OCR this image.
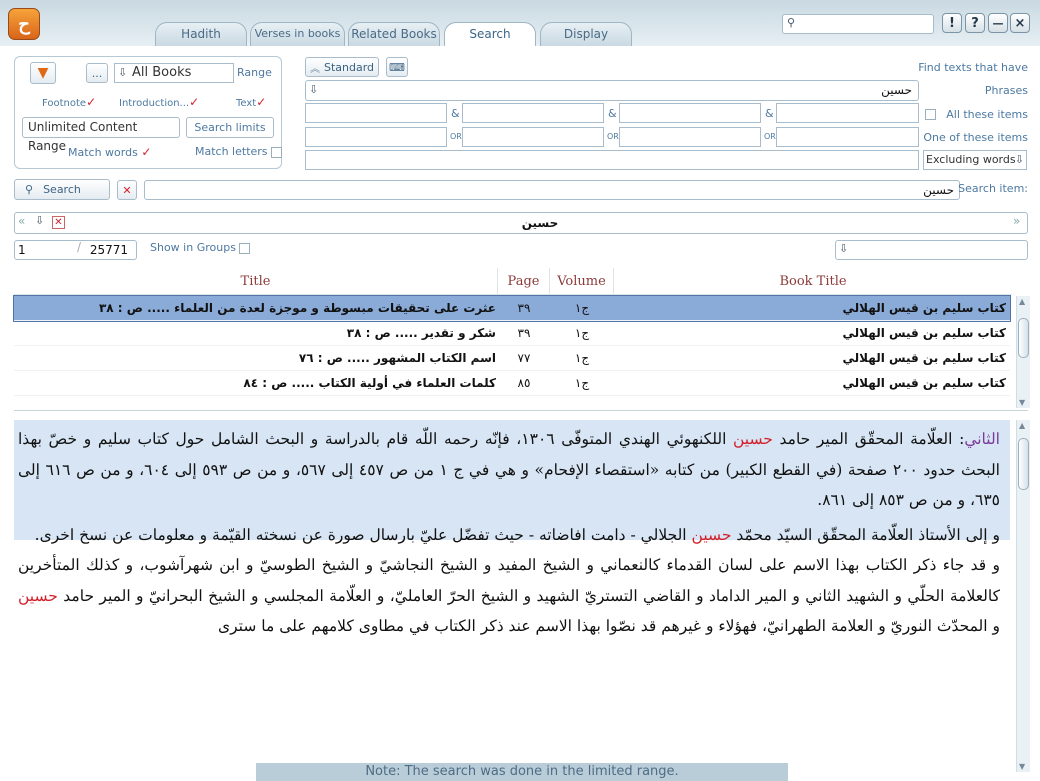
ح	Hadith	Verses in books Related Books	Search	Display
⚲	!	?	— ×
▼	...	⇩ All Books	Range
Footnote✓ Introduction...✓	Text✓
Unlimited Content Range
Search limits
Match words ✓	Match letters
︽ Standard ⌨
⇩	حسين
&	&	&
OR	OR	OR
Excluding words ⇩
Find texts that have
Phrases
All these items
One of these items
⚲ Search	✕	حسين Search item:
« ⇩ ✕	حسين	»
1	/ 25771 Show in Groups	⇩
Title	Page	Volume	Book Title
عثرت على تحقيقات مبسوطة و موجزة لعدة من العلماء ..... ص : ٣٨	٣٩	ج١	كتاب سليم بن قيس الهلالي
شكر و تقدير ..... ص : ٣٨	٣٩	ج١	كتاب سليم بن قيس الهلالي
اسم الكتاب المشهور ..... ص : ٧٦	٧٧	ج١	كتاب سليم بن قيس الهلالي
كلمات العلماء في أولية الكتاب ..... ص : ٨٤	٨٥	ج١	كتاب سليم بن قيس الهلالي
▲
▼

الثاني: العلّامة المحقّق المير حامد حسين اللكنهوئي الهندي المتوفّى ١٣٠٦، فإنّه رحمه اللّه قام بالدراسة و البحث الشامل حول كتاب سليم و خصّ بهذا البحث حدود ٢٠٠ صفحة (في القطع الكبير) من كتابه «استقصاء الإفحام» و هي في ج ١ من ص ٤٥٧ إلى ٥٦٧، و من ص ٥٩٣ إلى ٦٠٤، و من ص ٦١٦ إلى ٦٣٥، و من ص ٨٥٣ إلى ٨٦١.

و إلى الأستاذ العلّامة المحقّق السيّد محمّد حسين الجلالي - دامت افاضاته - حيث تفضّل عليّ بارسال صورة عن نسخته القيّمة و معلومات عن نسخ اخرى.

و قد جاء ذكر الكتاب بهذا الاسم على لسان القدماء كالنعماني و الشيخ المفيد و الشيخ النجاشيّ و الشيخ الطوسيّ و ابن شهرآشوب، و كذلك المتأخرين كالعلامة الحلّي و الشهيد الثاني و المير الداماد و القاضي التستريّ الشهيد و الشيخ الحرّ العامليّ، و العلّامة المجلسي و الشيخ البحرانيّ و المير حامد حسين و المحدّث النوريّ و العلامة الطهرانيّ، فهؤلاء و غيرهم قد نصّوا بهذا الاسم عند ذكر الكتاب في مطاوى كلامهم على ما سترى

▲
▼
Note: The search was done in the limited range.
